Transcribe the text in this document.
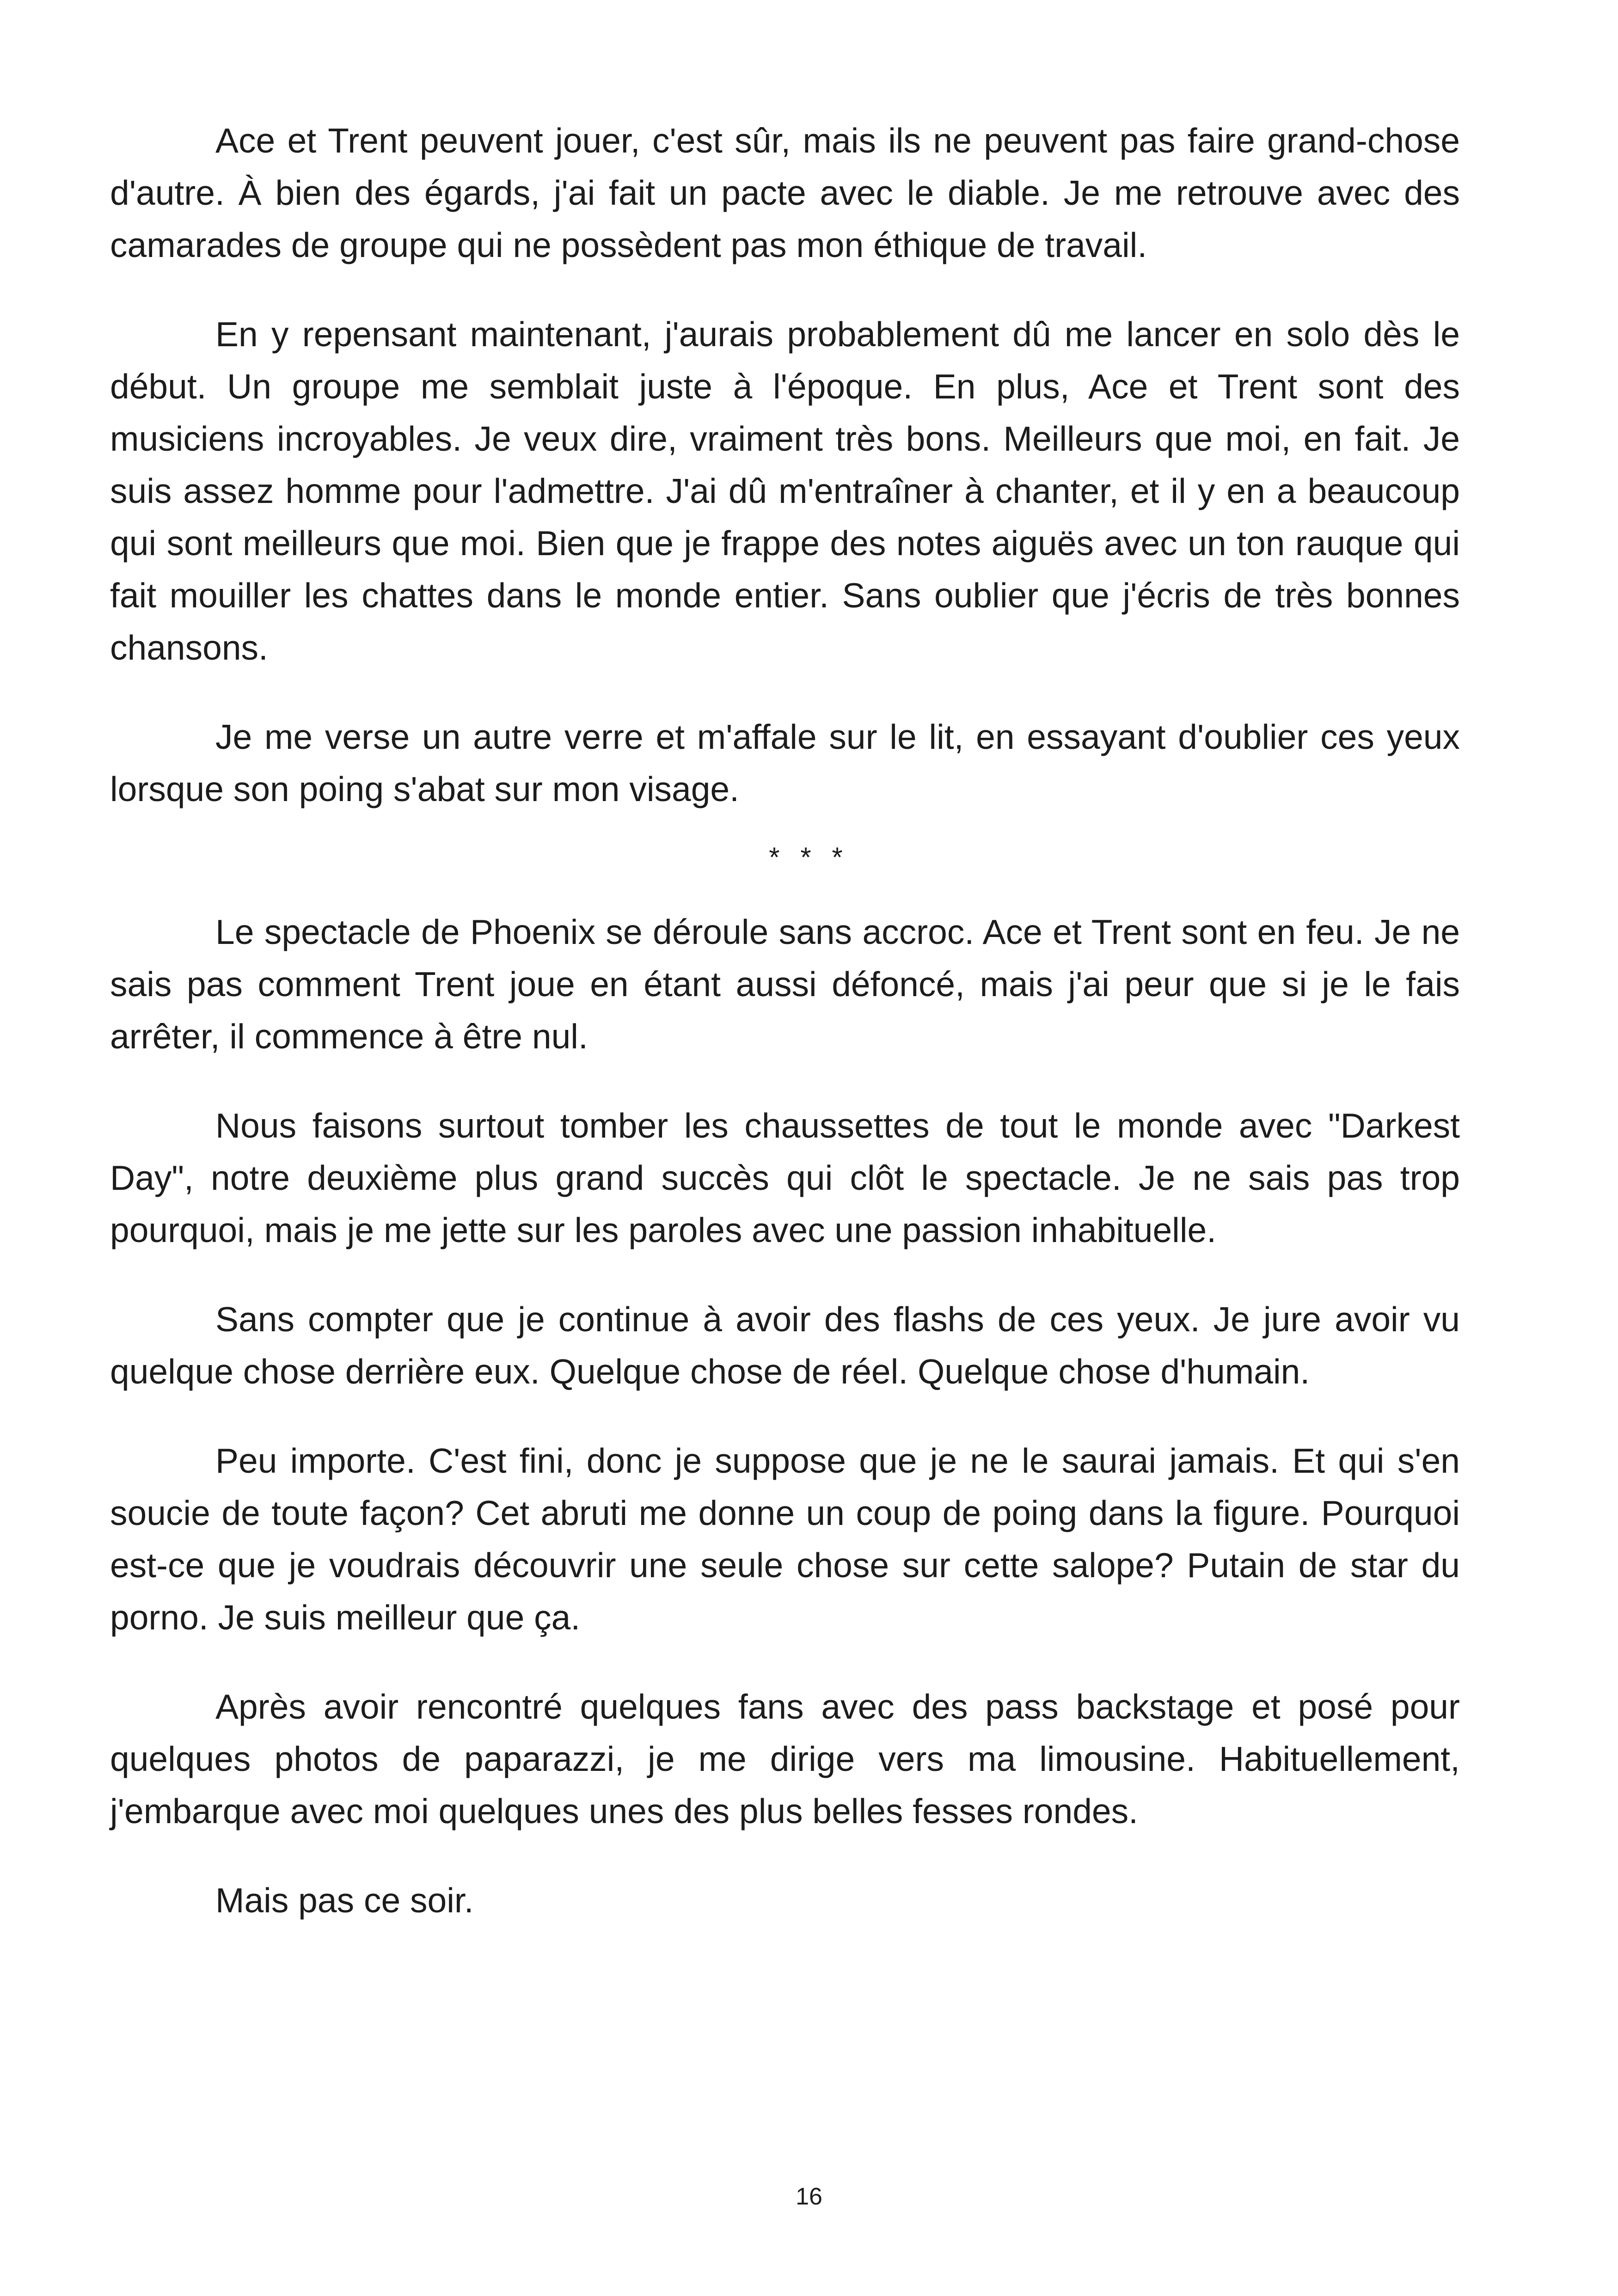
Ace et Trent peuvent jouer, c'est sûr, mais ils ne peuvent pas faire grand-chose d'autre. À bien des égards, j'ai fait un pacte avec le diable. Je me retrouve avec des camarades de groupe qui ne possèdent pas mon éthique de travail.

En y repensant maintenant, j'aurais probablement dû me lancer en solo dès le début. Un groupe me semblait juste à l'époque. En plus, Ace et Trent sont des musiciens incroyables. Je veux dire, vraiment très bons. Meilleurs que moi, en fait. Je suis assez homme pour l'admettre. J'ai dû m'entraîner à chanter, et il y en a beaucoup qui sont meilleurs que moi. Bien que je frappe des notes aiguës avec un ton rauque qui fait mouiller les chattes dans le monde entier. Sans oublier que j'écris de très bonnes chansons.

Je me verse un autre verre et m'affale sur le lit, en essayant d'oublier ces yeux lorsque son poing s'abat sur mon visage.

* * *

Le spectacle de Phoenix se déroule sans accroc. Ace et Trent sont en feu. Je ne sais pas comment Trent joue en étant aussi défoncé, mais j'ai peur que si je le fais arrêter, il commence à être nul.

Nous faisons surtout tomber les chaussettes de tout le monde avec "Darkest Day", notre deuxième plus grand succès qui clôt le spectacle. Je ne sais pas trop pourquoi, mais je me jette sur les paroles avec une passion inhabituelle.

Sans compter que je continue à avoir des flashs de ces yeux. Je jure avoir vu quelque chose derrière eux. Quelque chose de réel. Quelque chose d'humain.

Peu importe. C'est fini, donc je suppose que je ne le saurai jamais. Et qui s'en soucie de toute façon? Cet abruti me donne un coup de poing dans la figure. Pourquoi est-ce que je voudrais découvrir une seule chose sur cette salope? Putain de star du porno. Je suis meilleur que ça.

Après avoir rencontré quelques fans avec des pass backstage et posé pour quelques photos de paparazzi, je me dirige vers ma limousine. Habituellement, j'embarque avec moi quelques unes des plus belles fesses rondes.

Mais pas ce soir.

16
